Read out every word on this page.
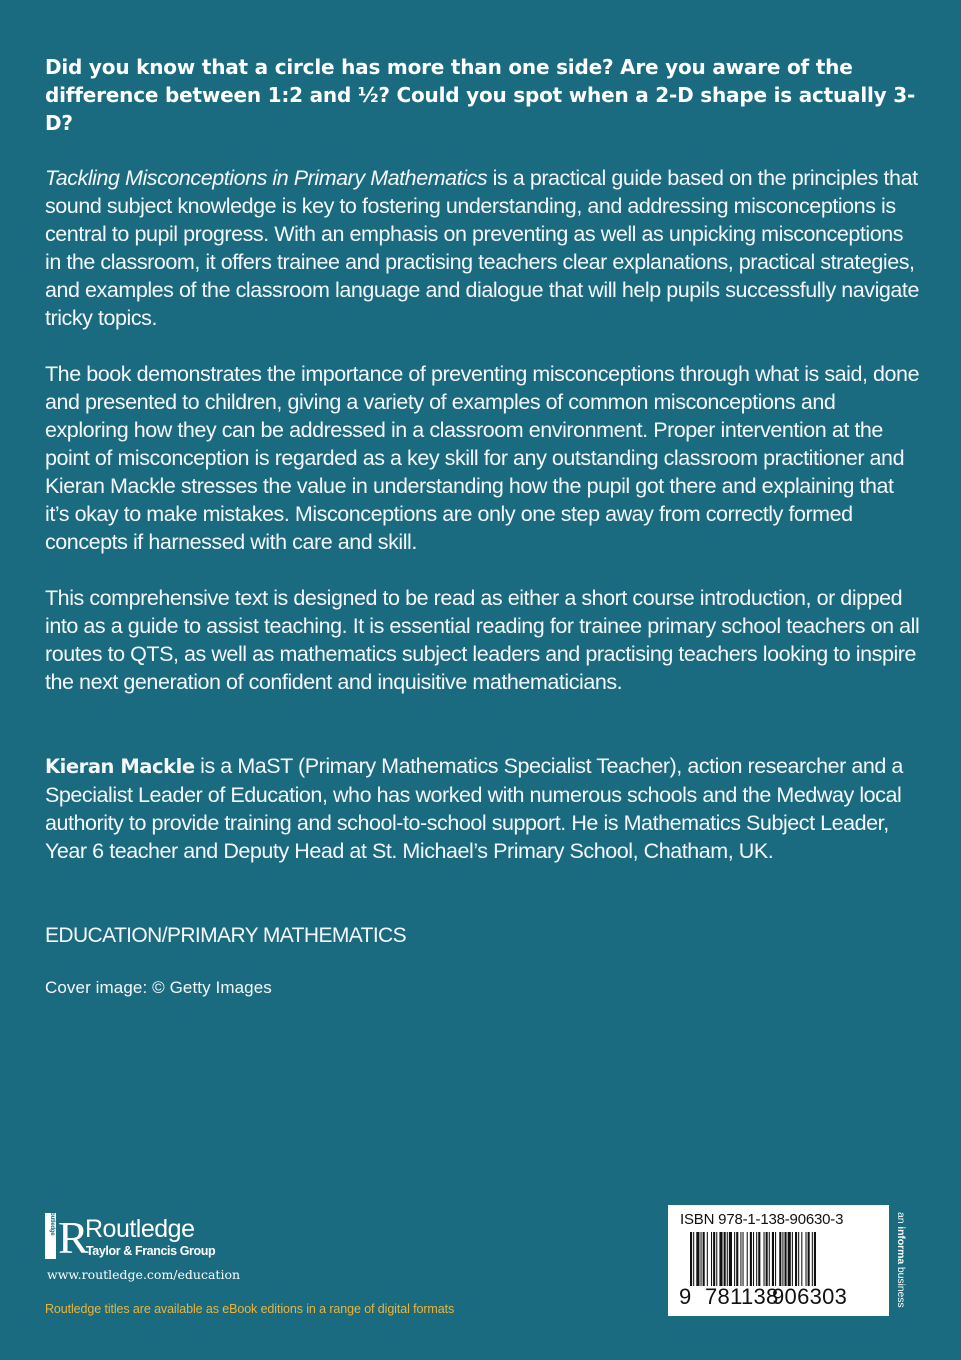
Did you know that a circle has more than one side? Are you aware of the difference between 1:2 and ½? Could you spot when a 2-D shape is actually 3-D?

Tackling Misconceptions in Primary Mathematics is a practical guide based on the principles that sound subject knowledge is key to fostering understanding, and addressing misconceptions is central to pupil progress. With an emphasis on preventing as well as unpicking misconceptions in the classroom, it offers trainee and practising teachers clear explanations, practical strategies, and examples of the classroom language and dialogue that will help pupils successfully navigate tricky topics.

The book demonstrates the importance of preventing misconceptions through what is said, done and presented to children, giving a variety of examples of common misconceptions and exploring how they can be addressed in a classroom environment. Proper intervention at the point of misconception is regarded as a key skill for any outstanding classroom practitioner and Kieran Mackle stresses the value in understanding how the pupil got there and explaining that it’s okay to make mistakes. Misconceptions are only one step away from correctly formed concepts if harnessed with care and skill.

This comprehensive text is designed to be read as either a short course introduction, or dipped into as a guide to assist teaching. It is essential reading for trainee primary school teachers on all routes to QTS, as well as mathematics subject leaders and practising teachers looking to inspire the next generation of confident and inquisitive mathematicians.

Kieran Mackle is a MaST (Primary Mathematics Specialist Teacher), action researcher and a Specialist Leader of Education, who has worked with numerous schools and the Medway local authority to provide training and school-to-school support. He is Mathematics Subject Leader, Year 6 teacher and Deputy Head at St. Michael’s Primary School, Chatham, UK.

EDUCATION/PRIMARY MATHEMATICS
Cover image: © Getty Images
Routledge R
Routledge
Taylor & Francis Group
www.routledge.com/education
Routledge titles are available as eBook editions in a range of digital formats
ISBN 978-1-138-90630-3
9 781138
906303
an informa business
